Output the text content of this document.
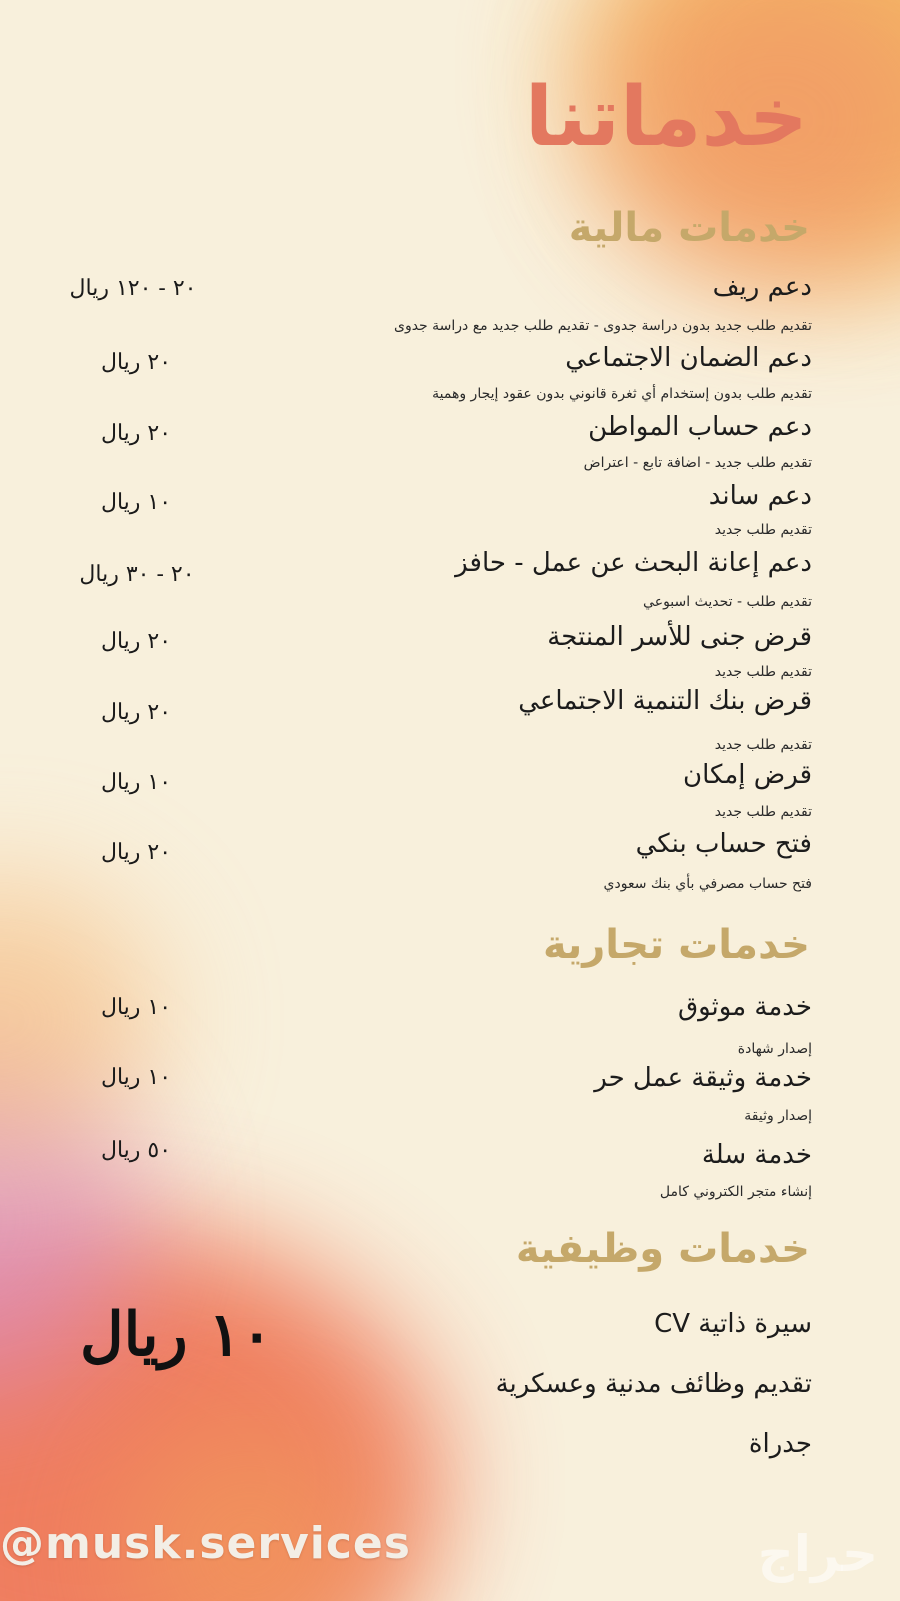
خدماتنا
خدمات مالية
دعم ريف
تقديم طلب جديد بدون دراسة جدوى - تقديم طلب جديد مع دراسة جدوى
٢٠ - ١٢٠ ريال
دعم الضمان الاجتماعي
تقديم طلب بدون إستخدام أي ثغرة قانوني بدون عقود إيجار وهمية
٢٠ ريال
دعم حساب المواطن
تقديم طلب جديد - اضافة تابع - اعتراض
٢٠ ريال
دعم ساند
تقديم طلب جديد
١٠ ريال
دعم إعانة البحث عن عمل - حافز
تقديم طلب - تحديث اسبوعي
٢٠ - ٣٠ ريال
قرض جنى للأسر المنتجة
تقديم طلب جديد
٢٠ ريال
قرض بنك التنمية الاجتماعي
تقديم طلب جديد
٢٠ ريال
قرض إمكان
تقديم طلب جديد
١٠ ريال
فتح حساب بنكي
فتح حساب مصرفي بأي بنك سعودي
٢٠ ريال
خدمات تجارية
خدمة موثوق
إصدار شهادة
١٠ ريال
خدمة وثيقة عمل حر
إصدار وثيقة
١٠ ريال
خدمة سلة
إنشاء متجر الكتروني كامل
٥٠ ريال
خدمات وظيفية
سيرة ذاتية CV
تقديم وظائف مدنية وعسكرية
جدراة
١٠ ريال
@musk.services	حراج
